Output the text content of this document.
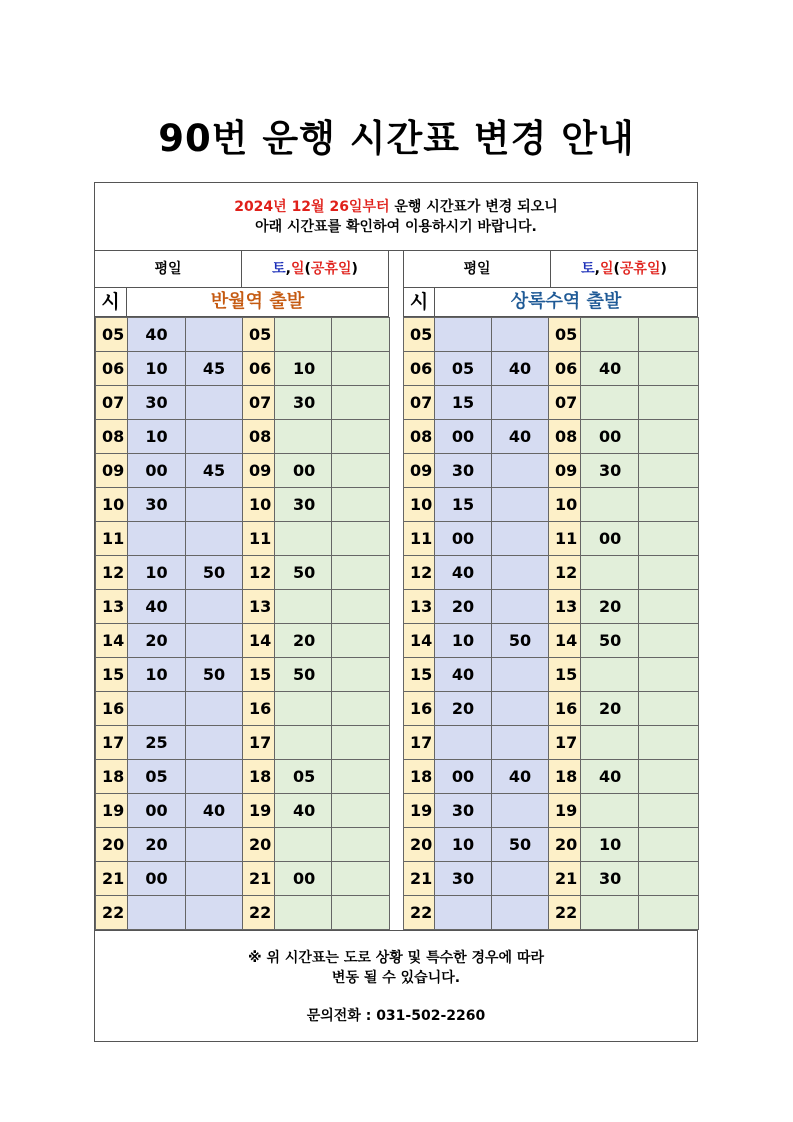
90번 운행 시간표 변경 안내
2024년 12월 26일부터 운행 시간표가 변경 되오니
아래 시간표를 확인하여 이용하시기 바랍니다.
평일	토,일(공휴일)	평일	토,일(공휴일)
시	반월역 출발	시	상록수역 출발
05	40		05		
06	10	45	06	10	
07	30		07	30	
08	10		08		
09	00	45	09	00	
10	30		10	30	
11			11		
12	10	50	12	50	
13	40		13		
14	20		14	20	
15	10	50	15	50	
16			16		
17	25		17		
18	05		18	05	
19	00	40	19	40	
20	20		20		
21	00		21	00	
22			22		
05			05		
06	05	40	06	40	
07	15		07		
08	00	40	08	00	
09	30		09	30	
10	15		10		
11	00		11	00	
12	40		12		
13	20		13	20	
14	10	50	14	50	
15	40		15		
16	20		16	20	
17			17		
18	00	40	18	40	
19	30		19		
20	10	50	20	10	
21	30		21	30	
22			22		
※ 위 시간표는 도로 상황 및 특수한 경우에 따라
변동 될 수 있습니다.
문의전화 : 031-502-2260
